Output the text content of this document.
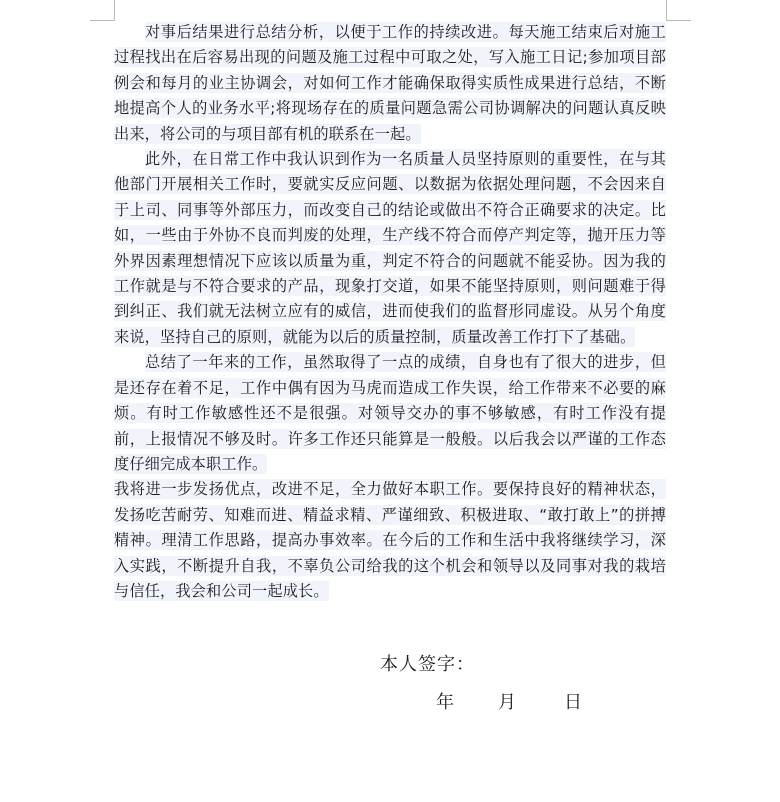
对事后结果进行总结分析，以便于工作的持续改进。每天施工结束后对施工过程找出在后容易出现的问题及施工过程中可取之处，写入施工日记;参加项目部例会和每月的业主协调会，对如何工作才能确保取得实质性成果进行总结，不断地提高个人的业务水平;将现场存在的质量问题急需公司协调解决的问题认真反映出来，将公司的与项目部有机的联系在一起。

此外，在日常工作中我认识到作为一名质量人员坚持原则的重要性，在与其他部门开展相关工作时，要就实反应问题、以数据为依据处理问题，不会因来自于上司、同事等外部压力，而改变自己的结论或做出不符合正确要求的决定。比如，一些由于外协不良而判废的处理，生产线不符合而停产判定等，抛开压力等外界因素理想情况下应该以质量为重，判定不符合的问题就不能妥协。因为我的工作就是与不符合要求的产品，现象打交道，如果不能坚持原则，则问题难于得到纠正、我们就无法树立应有的威信，进而使我们的监督形同虚设。从另个角度来说，坚持自己的原则，就能为以后的质量控制，质量改善工作打下了基础。

总结了一年来的工作，虽然取得了一点的成绩，自身也有了很大的进步，但是还存在着不足，工作中偶有因为马虎而造成工作失误，给工作带来不必要的麻烦。有时工作敏感性还不是很强。对领导交办的事不够敏感，有时工作没有提前，上报情况不够及时。许多工作还只能算是一般般。以后我会以严谨的工作态度仔细完成本职工作。

我将进一步发扬优点，改进不足，全力做好本职工作。要保持良好的精神状态，发扬吃苦耐劳、知难而进、精益求精、严谨细致、积极进取、“敢打敢上”的拼搏精神。理清工作思路，提高办事效率。在今后的工作和生活中我将继续学习，深入实践，不断提升自我，不辜负公司给我的这个机会和领导以及同事对我的栽培与信任，我会和公司一起成长。

本人签字：
年 月	日
